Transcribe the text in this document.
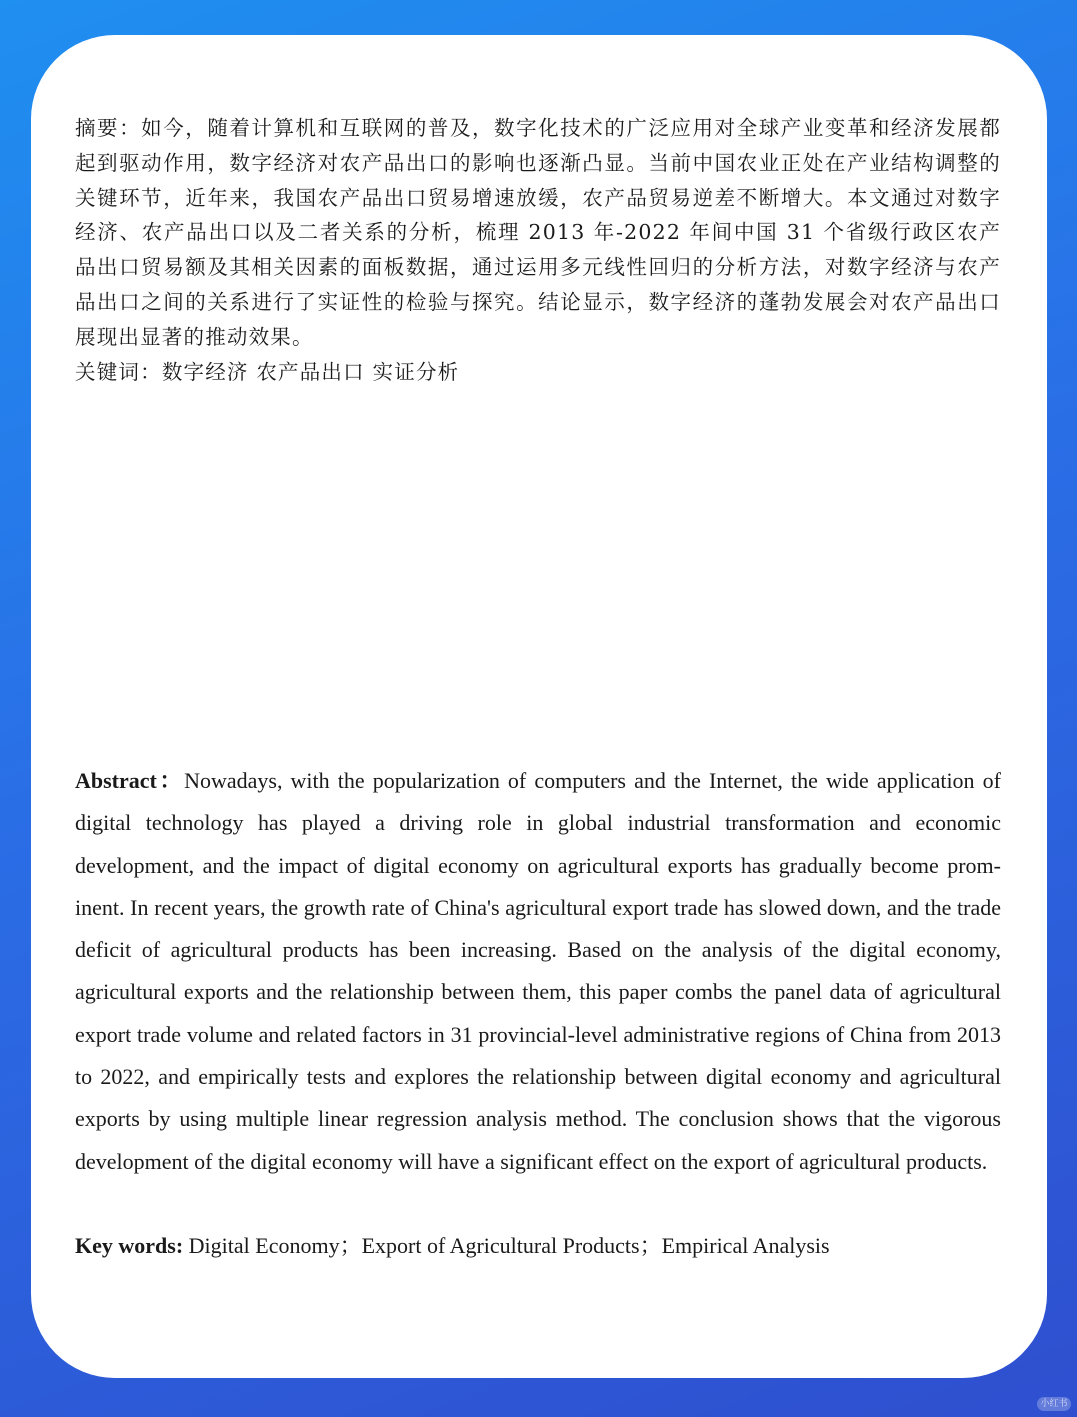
摘要：如今，随着计算机和互联网的普及，数字化技术的广泛应用对全球产业变革和经济发展都起到驱动作用，数字经济对农产品出口的影响也逐渐凸显。当前中国农业正处在产业结构调整的关键环节，近年来，我国农产品出口贸易增速放缓，农产品贸易逆差不断增大。本文通过对数字经济、农产品出口以及二者关系的分析，梳理 2013 年-2022 年间中国 31 个省级行政区农产品出口贸易额及其相关因素的面板数据，通过运用多元线性回归的分析方法，对数字经济与农产品出口之间的关系进行了实证性的检验与探究。结论显示，数字经济的蓬勃发展会对农产品出口展现出显著的推动效果。

关键词：数字经济 农产品出口 实证分析

Abstract：Nowadays, with the popularization of computers and the Internet, the wide application of digital technology has played a driving role in global industrial transformation and economic development, and the impact of digital economy on agricultural exports has gradually become prominent. In recent years, the growth rate of China's agricultural export trade has slowed down, and the trade deficit of agricultural products has been increasing. Based on the analysis of the digital economy, agricultural exports and the relationship between them, this paper combs the panel data of agricultural export trade volume and related factors in 31 provincial-level administrative regions of China from 2013 to 2022, and empirically tests and explores the relationship between digital economy and agricultural exports by using multiple linear regression analysis method. The conclusion shows that the vigorous development of the digital economy will have a significant effect on the export of agricultural products.

Key words: Digital Economy；Export of Agricultural Products；Empirical Analysis

小红书
